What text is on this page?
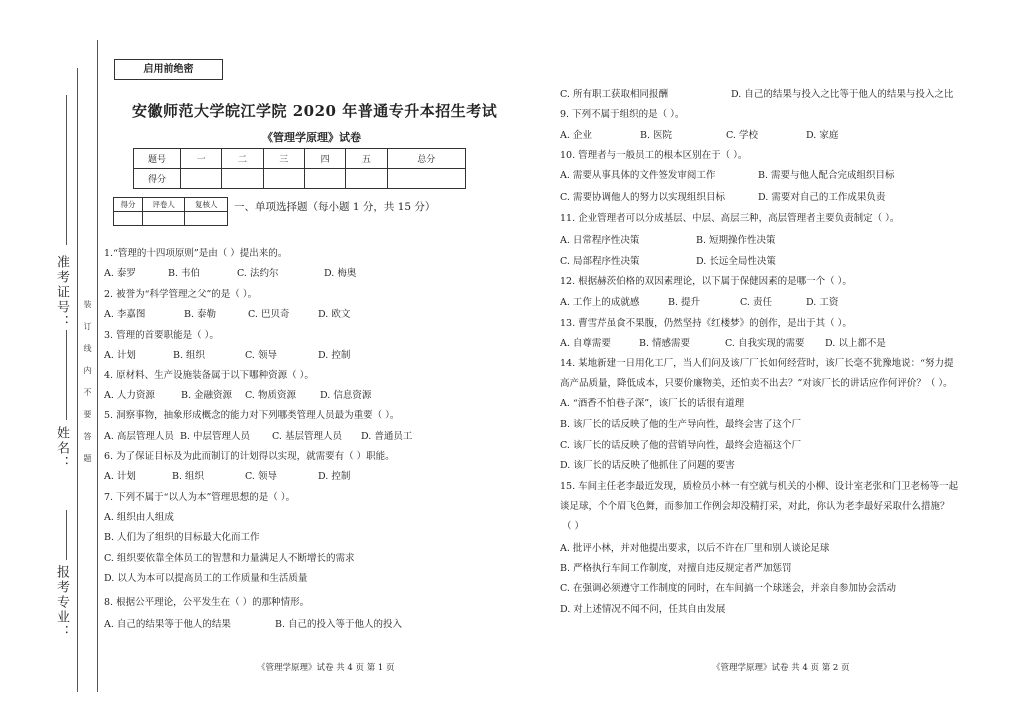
准考证号：
姓名：
报考专业：
装订线内不要答题
启用前绝密
安徽师范大学皖江学院 2020 年普通专升本招生考试
《管理学原理》试卷
题号	一	二	三	四	五	总分
得分						
得分	评卷人	复核人
		一、单项选择题（每小题 1 分，共 15 分）
1.“管理的十四项原则”是由（ ）提出来的。
A. 泰罗	B. 韦伯	C. 法约尔	D. 梅奥
2. 被誉为“科学管理之父”的是（ ）。
A. 李嘉图	B. 泰勒	C. 巴贝奇	D. 欧文
3. 管理的首要职能是（ ）。
A. 计划	B. 组织	C. 领导	D. 控制
4. 原材料、生产设施装备属于以下哪种资源（ ）。
A. 人力资源	B. 金融资源 C. 物质资源	D. 信息资源
5. 洞察事物，抽象形成概念的能力对下列哪类管理人员最为重要（ ）。
A. 高层管理人员 B. 中层管理人员 C. 基层管理人员 D. 普通员工
6. 为了保证目标及为此而制订的计划得以实现，就需要有（ ）职能。
A. 计划	B. 组织	C. 领导	D. 控制
7. 下列不属于“以人为本”管理思想的是（ ）。
A. 组织由人组成
B. 人们为了组织的目标最大化而工作
C. 组织要依靠全体员工的智慧和力量满足人不断增长的需求
D. 以人为本可以提高员工的工作质量和生活质量
8. 根据公平理论，公平发生在（ ）的那种情形。
A. 自己的结果等于他人的结果	B. 自己的投入等于他人的投入
《管理学原理》试卷 共 4 页 第 1 页
C. 所有职工获取相同报酬	D. 自己的结果与投入之比等于他人的结果与投入之比
9. 下列不属于组织的是（ ）。
A. 企业	B. 医院	C. 学校	D. 家庭
10. 管理者与一般员工的根本区别在于（ ）。
A. 需要从事具体的文件签发审阅工作	B. 需要与他人配合完成组织目标
C. 需要协调他人的努力以实现组织目标	D. 需要对自己的工作成果负责
11. 企业管理者可以分成基层、中层、高层三种，高层管理者主要负责制定（ ）。
A. 日常程序性决策	B. 短期操作性决策
C. 局部程序性决策	D. 长远全局性决策
12. 根据赫茨伯格的双因素理论，以下属于保健因素的是哪一个（ ）。
A. 工作上的成就感	B. 提升	C. 责任	D. 工资
13. 曹雪芹虽食不果腹，仍然坚持《红楼梦》的创作，是出于其（ ）。
A. 自尊需要	B. 情感需要	C. 自我实现的需要 D. 以上都不是
14. 某地新建一日用化工厂，当人们问及该厂厂长如何经营时，该厂长毫不犹豫地说：“努力提
高产品质量，降低成本，只要价廉物美，还怕卖不出去？”对该厂长的讲话应作何评价？（ ）。
A. “酒香不怕巷子深”，该厂长的话很有道理
B. 该厂长的话反映了他的生产导向性，最终会害了这个厂
C. 该厂长的话反映了他的营销导向性，最终会造福这个厂
D. 该厂长的话反映了他抓住了问题的要害
15. 车间主任老李最近发现，质检员小林一有空就与机关的小柳、设计室老张和门卫老杨等一起
谈足球，个个眉飞色舞，而参加工作例会却没精打采，对此，你认为老李最好采取什么措施？
（ ）
A. 批评小林，并对他提出要求，以后不许在厂里和别人谈论足球
B. 严格执行车间工作制度，对擅自违反规定者严加惩罚
C. 在强调必须遵守工作制度的同时，在车间搞一个球迷会，并亲自参加协会活动
D. 对上述情况不闻不问，任其自由发展
《管理学原理》试卷 共 4 页 第 2 页
